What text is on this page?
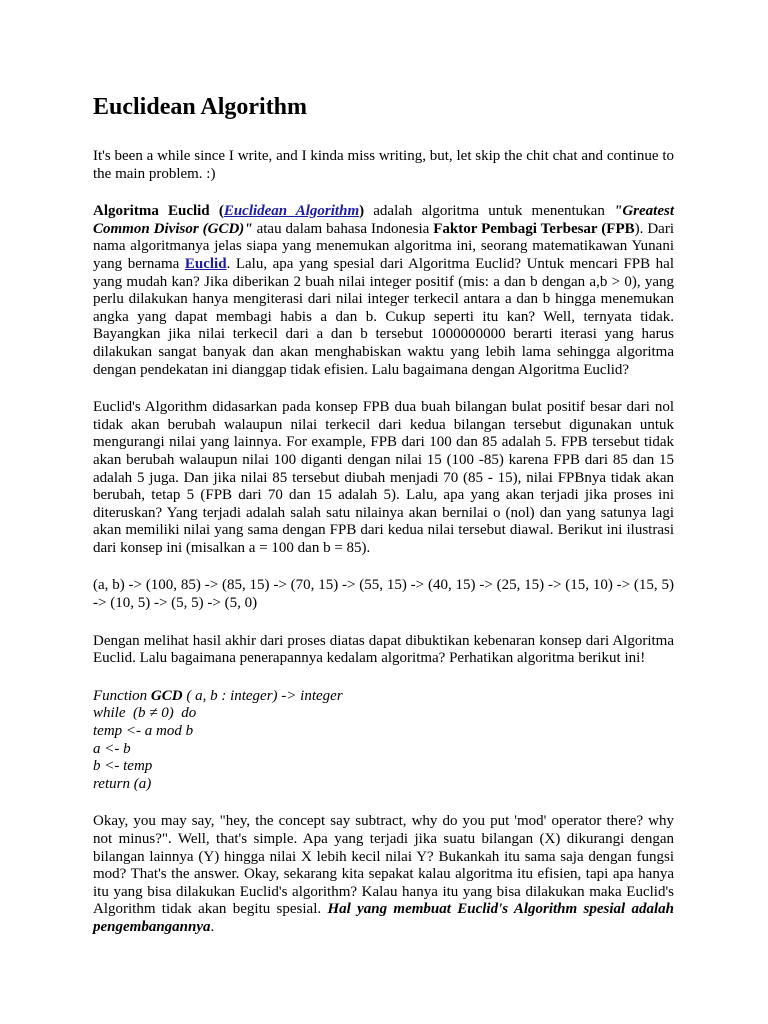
Euclidean Algorithm

It's been a while since I write, and I kinda miss writing, but, let skip the chit chat and continue to the main problem. :)

Algoritma Euclid (Euclidean Algorithm) adalah algoritma untuk menentukan "Greatest Common Divisor (GCD)" atau dalam bahasa Indonesia Faktor Pembagi Terbesar (FPB). Dari nama algoritmanya jelas siapa yang menemukan algoritma ini, seorang matematikawan Yunani yang bernama Euclid. Lalu, apa yang spesial dari Algoritma Euclid? Untuk mencari FPB hal yang mudah kan? Jika diberikan 2 buah nilai integer positif (mis: a dan b dengan a,b > 0), yang perlu dilakukan hanya mengiterasi dari nilai integer terkecil antara a dan b hingga menemukan angka yang dapat membagi habis a dan b. Cukup seperti itu kan? Well, ternyata tidak. Bayangkan jika nilai terkecil dari a dan b tersebut 1000000000 berarti iterasi yang harus dilakukan sangat banyak dan akan menghabiskan waktu yang lebih lama sehingga algoritma dengan pendekatan ini dianggap tidak efisien. Lalu bagaimana dengan Algoritma Euclid?

Euclid's Algorithm didasarkan pada konsep FPB dua buah bilangan bulat positif besar dari nol tidak akan berubah walaupun nilai terkecil dari kedua bilangan tersebut digunakan untuk mengurangi nilai yang lainnya. For example, FPB dari 100 dan 85 adalah 5. FPB tersebut tidak akan berubah walaupun nilai 100 diganti dengan nilai 15 (100 -85) karena FPB dari 85 dan 15 adalah 5 juga. Dan jika nilai 85 tersebut diubah menjadi 70 (85 - 15), nilai FPBnya tidak akan berubah, tetap 5 (FPB dari 70 dan 15 adalah 5). Lalu, apa yang akan terjadi jika proses ini diteruskan? Yang terjadi adalah salah satu nilainya akan bernilai o (nol) dan yang satunya lagi akan memiliki nilai yang sama dengan FPB dari kedua nilai tersebut diawal. Berikut ini ilustrasi dari konsep ini (misalkan a = 100 dan b = 85).

(a, b) -> (100, 85) -> (85, 15) -> (70, 15) -> (55, 15) -> (40, 15) -> (25, 15) -> (15, 10) -> (15, 5) -> (10, 5) -> (5, 5) -> (5, 0)

Dengan melihat hasil akhir dari proses diatas dapat dibuktikan kebenaran konsep dari Algoritma Euclid. Lalu bagaimana penerapannya kedalam algoritma? Perhatikan algoritma berikut ini!

Function GCD ( a, b : integer) -> integer
while  (b ≠ 0)  do
temp <- a mod b
a <- b
b <- temp
return (a)

Okay, you may say, "hey, the concept say subtract, why do you put 'mod' operator there? why not minus?". Well, that's simple. Apa yang terjadi jika suatu bilangan (X) dikurangi dengan bilangan lainnya (Y) hingga nilai X lebih kecil nilai Y? Bukankah itu sama saja dengan fungsi mod? That's the answer. Okay, sekarang kita sepakat kalau algoritma itu efisien, tapi apa hanya itu yang bisa dilakukan Euclid's algorithm? Kalau hanya itu yang bisa dilakukan maka Euclid's Algorithm tidak akan begitu spesial. Hal yang membuat Euclid's Algorithm spesial adalah pengembangannya.
